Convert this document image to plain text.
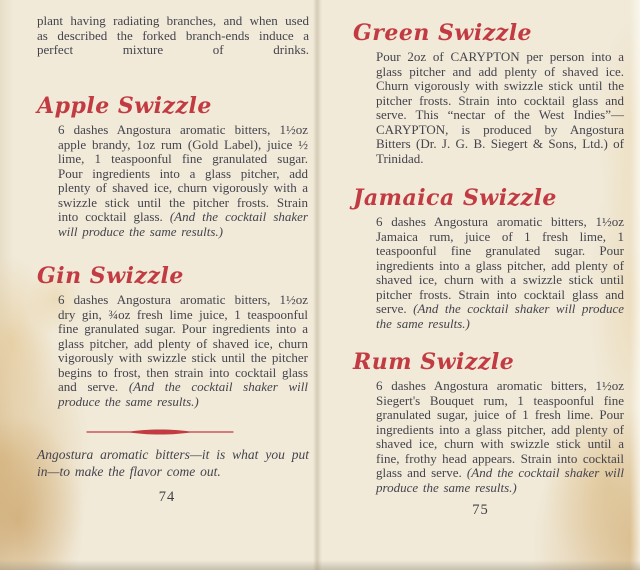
plant having radiating branches, and when used as described the forked branch-ends induce a perfect mixture of drinks.

Apple Swizzle

6 dashes Angostura aromatic bitters, 1½oz apple brandy, 1oz rum (Gold Label), juice ½ lime, 1 teaspoonful fine granulated sugar. Pour ingredients into a glass pitcher, add plenty of shaved ice, churn vigorously with a swizzle stick until the pitcher frosts. Strain into cocktail glass. (And the cocktail shaker will produce the same results.)

Gin Swizzle

6 dashes Angostura aromatic bitters, 1½oz dry gin, ¾oz fresh lime juice, 1 teaspoonful fine granulated sugar. Pour ingredients into a glass pitcher, add plenty of shaved ice, churn vigorously with swizzle stick until the pitcher begins to frost, then strain into cocktail glass and serve. (And the cocktail shaker will produce the same results.)

Angostura aromatic bitters—it is what you put in—to make the flavor come out.

74
Green Swizzle

Pour 2oz of CARYPTON per person into a glass pitcher and add plenty of shaved ice. Churn vigorously with swizzle stick until the pitcher frosts. Strain into cocktail glass and serve. This “nectar of the West Indies”—CARYPTON, is produced by Angostura Bitters (Dr. J. G. B. Siegert & Sons, Ltd.) of Trinidad.

Jamaica Swizzle

6 dashes Angostura aromatic bitters, 1½oz Jamaica rum, juice of 1 fresh lime, 1 teaspoonful fine granulated sugar. Pour ingredients into a glass pitcher, add plenty of shaved ice, churn with a swizzle stick until pitcher frosts. Strain into cocktail glass and serve. (And the cocktail shaker will produce the same results.)

Rum Swizzle

6 dashes Angostura aromatic bitters, 1½oz Siegert's Bouquet rum, 1 teaspoonful fine granulated sugar, juice of 1 fresh lime. Pour ingredients into a glass pitcher, add plenty of shaved ice, churn with swizzle stick until a fine, frothy head appears. Strain into cocktail glass and serve. (And the cocktail shaker will produce the same results.)

75
